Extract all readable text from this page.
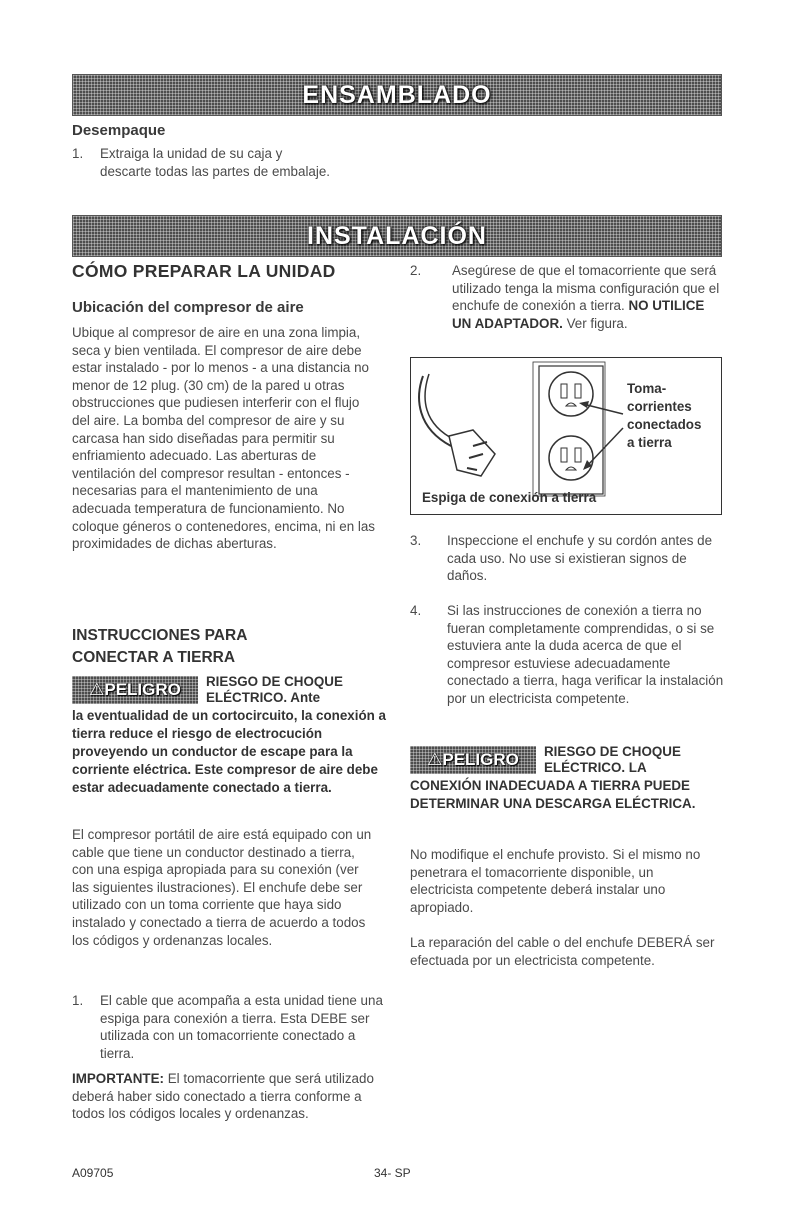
ENSAMBLADO
Desempaque
1.	Extraiga la unidad de su caja y descarte todas las partes de embalaje.
INSTALACIÓN
CÓMO PREPARAR LA UNIDAD
Ubicación del compresor de aire
Ubique al compresor de aire en una zona limpia, seca y bien ventilada. El compresor de aire debe estar instalado - por lo menos - a una distancia no menor de 12 plug. (30 cm) de la pared u otras obstrucciones que pudiesen interferir con el flujo del aire. La bomba del compresor de aire y su carcasa han sido diseñadas para permitir su enfriamiento adecuado. Las aberturas de ventilación del compresor resultan - entonces - necesarias para el mantenimiento de una adecuada temperatura de funcionamiento. No coloque géneros o contenedores, encima, ni en las proximidades de dichas aberturas.
INSTRUCCIONES PARA CONECTAR A TIERRA
⚠PELIGRO RIESGO DE CHOQUE ELÉCTRICO. Ante
la eventualidad de un cortocircuito, la conexión a tierra reduce el riesgo de electrocución proveyendo un conductor de escape para la corriente eléctrica. Este compresor de aire debe estar adecuadamente conectado a tierra.
El compresor portátil de aire está equipado con un cable que tiene un conductor destinado a tierra, con una espiga apropiada para su conexión (ver las siguientes ilustraciones). El enchufe debe ser utilizado con un toma corriente que haya sido instalado y conectado a tierra de acuerdo a todos los códigos y ordenanzas locales.
1.	El cable que acompaña a esta unidad tiene una espiga para conexión a tierra. Esta DEBE ser utilizada con un tomacorriente conectado a tierra.
IMPORTANTE: El tomacorriente que será utilizado deberá haber sido conectado a tierra conforme a todos los códigos locales y ordenanzas.
2.	Asegúrese de que el tomacorriente que será utilizado tenga la misma configuración que el enchufe de conexión a tierra. NO UTILICE UN ADAPTADOR. Ver figura.
Toma-
corrientes
conectados
a tierra
Espiga de conexión a tierra
3.	Inspeccione el enchufe y su cordón antes de cada uso. No use si existieran signos de daños.
4.	Si las instrucciones de conexión a tierra no fueran completamente comprendidas, o si se estuviera ante la duda acerca de que el compresor estuviese adecuadamente conectado a tierra, haga verificar la instalación por un electricista competente.
⚠PELIGRO RIESGO DE CHOQUE ELÉCTRICO. LA
CONEXIÓN INADECUADA A TIERRA PUEDE DETERMINAR UNA DESCARGA ELÉCTRICA.
No modifique el enchufe provisto. Si el mismo no penetrara el tomacorriente disponible, un electricista competente deberá instalar uno apropiado.
La reparación del cable o del enchufe DEBERÁ ser efectuada por un electricista competente.
A09705	34- SP
